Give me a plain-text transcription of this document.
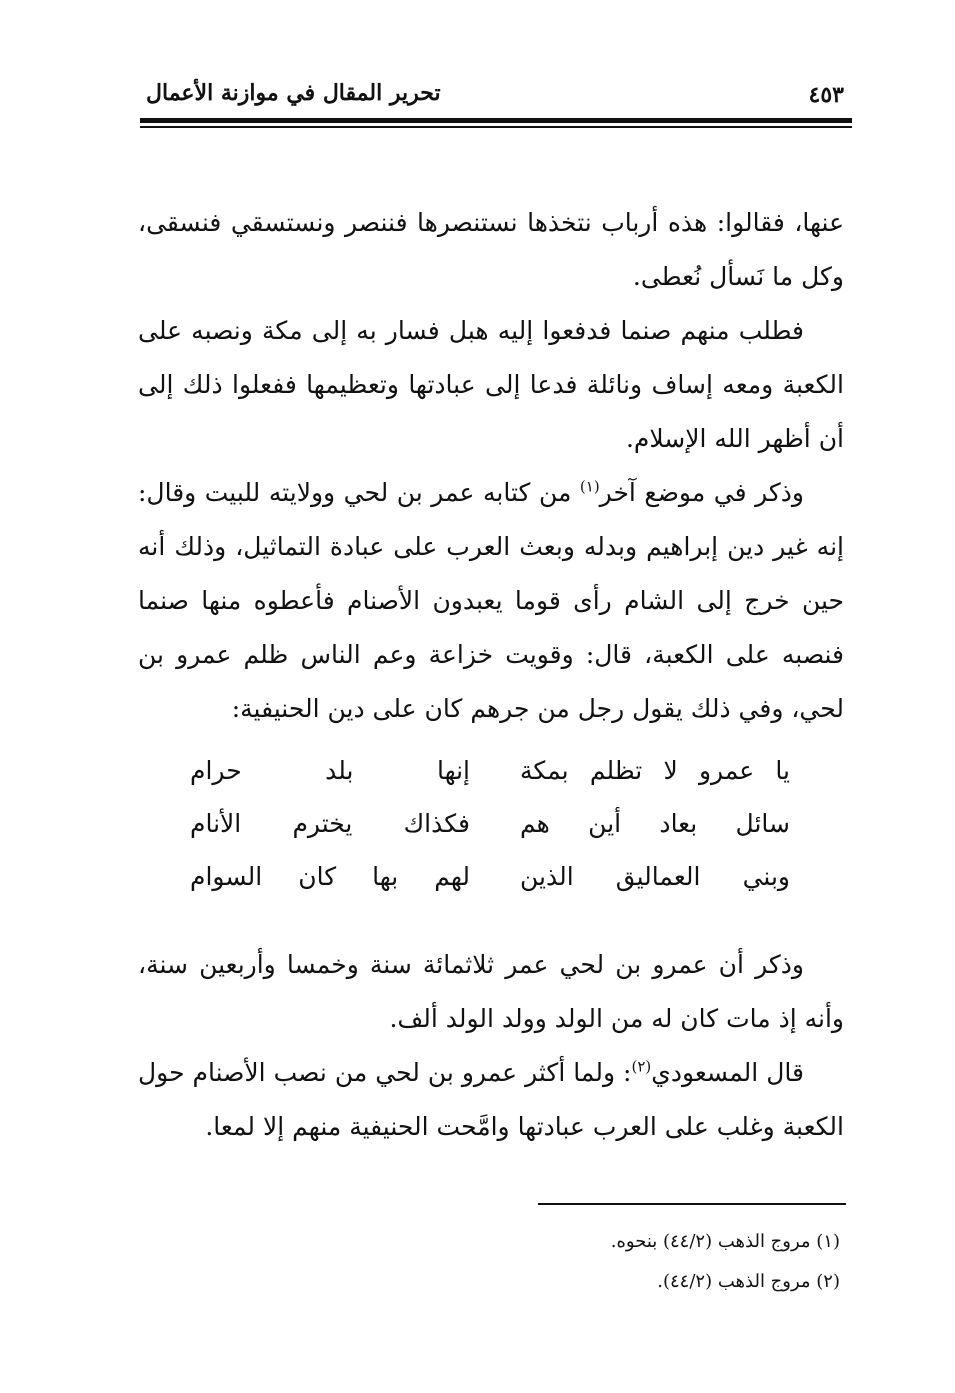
٤٥٣
تحرير المقال في موازنة الأعمال

عنها، فقالوا: هذه أرباب نتخذها نستنصرها فننصر ونستسقي فنسقى، وكل ما نَسأل نُعطى.

فطلب منهم صنما فدفعوا إليه هبل فسار به إلى مكة ونصبه على الكعبة ومعه إساف ونائلة فدعا إلى عبادتها وتعظيمها ففعلوا ذلك إلى أن أظهر الله الإسلام.

وذكر في موضع آخر$^{(١)}$ من كتابه عمر بن لحي وولايته للبيت وقال: إنه غير دين إبراهيم وبدله وبعث العرب على عبادة التماثيل، وذلك أنه حين خرج إلى الشام رأى قوما يعبدون الأصنام فأعطوه منها صنما فنصبه على الكعبة، قال: وقويت خزاعة وعم الناس ظلم عمرو بن لحي، وفي ذلك يقول رجل من جرهم كان على دين الحنيفية:

يا عمرو لا تظلم بمكة
إنها بلد حرام
سائل بعاد أين هم
فكذاك يخترم الأنام
وبني العماليق الذين
لهم بها كان السوام

وذكر أن عمرو بن لحي عمر ثلاثمائة سنة وخمسا وأربعين سنة، وأنه إذ مات كان له من الولد وولد الولد ألف.

قال المسعودي$^{(٢)}$: ولما أكثر عمرو بن لحي من نصب الأصنام حول الكعبة وغلب على العرب عبادتها وامَّحت الحنيفية منهم إلا لمعا.

(١) مروج الذهب (٤٤/٢) بنحوه.

(٢) مروج الذهب (٤٤/٢).
